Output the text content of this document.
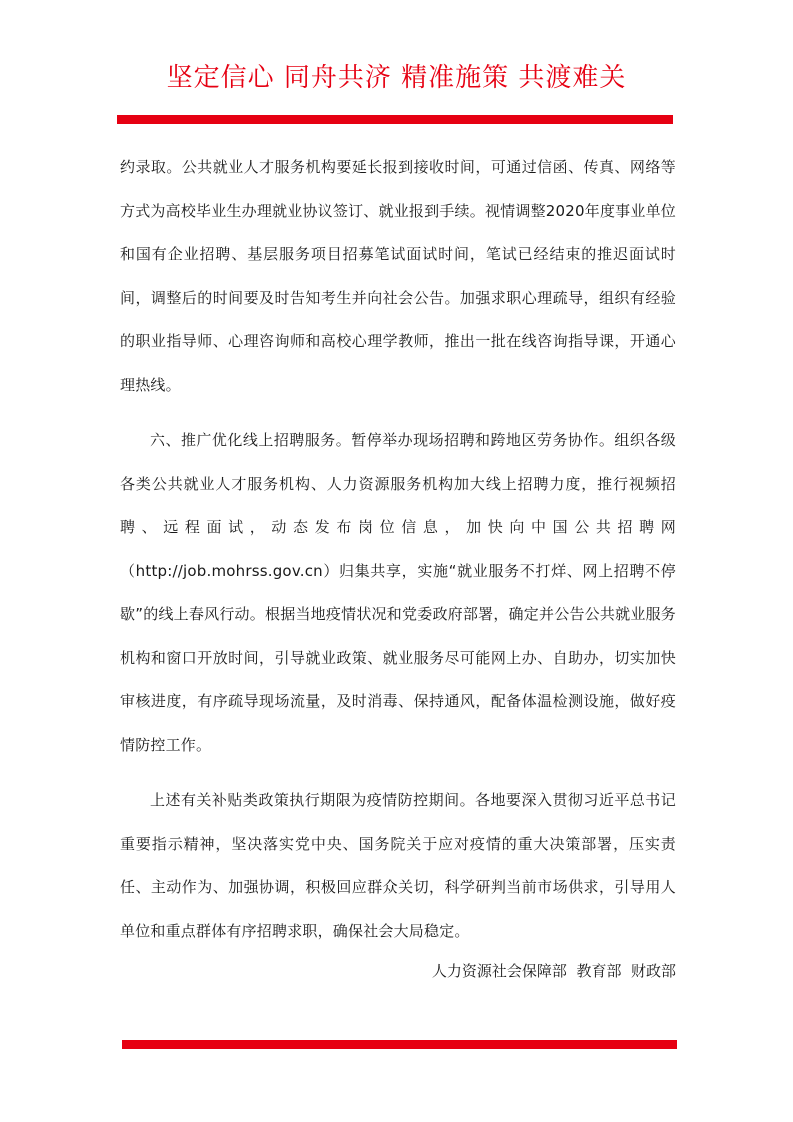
坚定信心 同舟共济 精准施策 共渡难关

约录取。公共就业人才服务机构要延长报到接收时间，可通过信函、传真、网络等方式为高校毕业生办理就业协议签订、就业报到手续。视情调整2020年度事业单位和国有企业招聘、基层服务项目招募笔试面试时间，笔试已经结束的推迟面试时间，调整后的时间要及时告知考生并向社会公告。加强求职心理疏导，组织有经验的职业指导师、心理咨询师和高校心理学教师，推出一批在线咨询指导课，开通心理热线。

六、推广优化线上招聘服务。暂停举办现场招聘和跨地区劳务协作。组织各级各类公共就业人才服务机构、人力资源服务机构加大线上招聘力度，推行视频招聘、远程面试，动态发布岗位信息，加快向中国公共招聘网（http://job.mohrss.gov.cn）归集共享，实施“就业服务不打烊、网上招聘不停歇”的线上春风行动。根据当地疫情状况和党委政府部署，确定并公告公共就业服务机构和窗口开放时间，引导就业政策、就业服务尽可能网上办、自助办，切实加快审核进度，有序疏导现场流量，及时消毒、保持通风，配备体温检测设施，做好疫情防控工作。

上述有关补贴类政策执行期限为疫情防控期间。各地要深入贯彻习近平总书记重要指示精神，坚决落实党中央、国务院关于应对疫情的重大决策部署，压实责任、主动作为、加强协调，积极回应群众关切，科学研判当前市场供求，引导用人单位和重点群体有序招聘求职，确保社会大局稳定。

人力资源社会保障部  教育部  财政部
